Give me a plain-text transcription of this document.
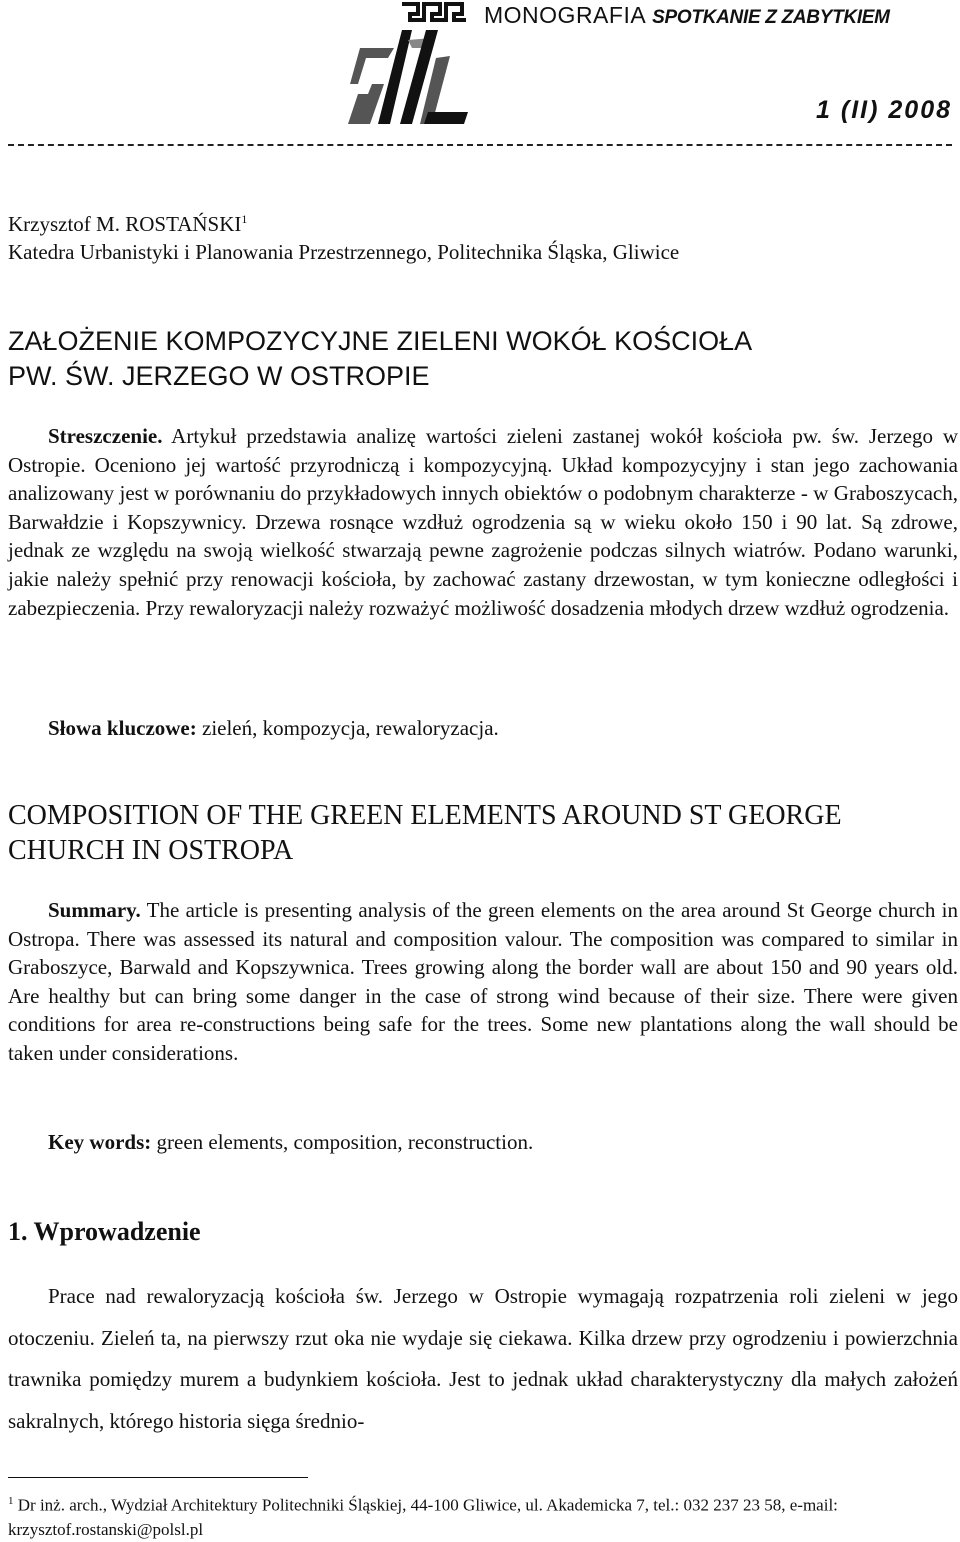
MONOGRAFIA SPOTKANIE Z ZABYTKIEM
1 (II) 2008
Krzysztof M. ROSTAŃSKI$^1$
Katedra Urbanistyki i Planowania Przestrzennego, Politechnika Śląska, Gliwice
ZAŁOŻENIE KOMPOZYCYJNE ZIELENI WOKÓŁ KOŚCIOŁA
PW. ŚW. JERZEGO W OSTROPIE
Streszczenie. Artykuł przedstawia analizę wartości zieleni zastanej wokół kościoła pw. św. Jerzego w Ostropie. Oceniono jej wartość przyrodniczą i kompozycyjną. Układ kompozycyjny i stan jego zachowania analizowany jest w porównaniu do przykładowych innych obiektów o podobnym charakterze - w Graboszycach, Barwałdzie i Kopszywnicy. Drzewa rosnące wzdłuż ogrodzenia są w wieku około 150 i 90 lat. Są zdrowe, jednak ze względu na swoją wielkość stwarzają pewne zagrożenie podczas silnych wiatrów. Podano warunki, jakie należy spełnić przy renowacji kościoła, by zachować zastany drzewostan, w tym konieczne odległości i zabezpieczenia. Przy rewaloryzacji należy rozważyć możliwość dosadzenia młodych drzew wzdłuż ogrodzenia.
Słowa kluczowe: zieleń, kompozycja, rewaloryzacja.
COMPOSITION OF THE GREEN ELEMENTS AROUND ST GEORGE
CHURCH IN OSTROPA
Summary. The article is presenting analysis of the green elements on the area around St George church in Ostropa. There was assessed its natural and composition valour. The composition was compared to similar in Graboszyce, Barwald and Kopszywnica. Trees growing along the border wall are about 150 and 90 years old. Are healthy but can bring some danger in the case of strong wind because of their size. There were given conditions for area re-constructions being safe for the trees. Some new plantations along the wall should be taken under considerations.
Key words: green elements, composition, reconstruction.
1. Wprowadzenie
Prace nad rewaloryzacją kościoła św. Jerzego w Ostropie wymagają rozpatrzenia roli zieleni w jego otoczeniu. Zieleń ta, na pierwszy rzut oka nie wydaje się ciekawa. Kilka drzew przy ogrodzeniu i powierzchnia trawnika pomiędzy murem a budynkiem kościoła. Jest to jednak układ charakterystyczny dla małych założeń sakralnych, którego historia sięga średnio-
$^1$ Dr inż. arch., Wydział Architektury Politechniki Śląskiej, 44-100 Gliwice, ul. Akademicka 7, tel.: 032 237 23 58, e-mail: krzysztof.rostanski@polsl.pl
